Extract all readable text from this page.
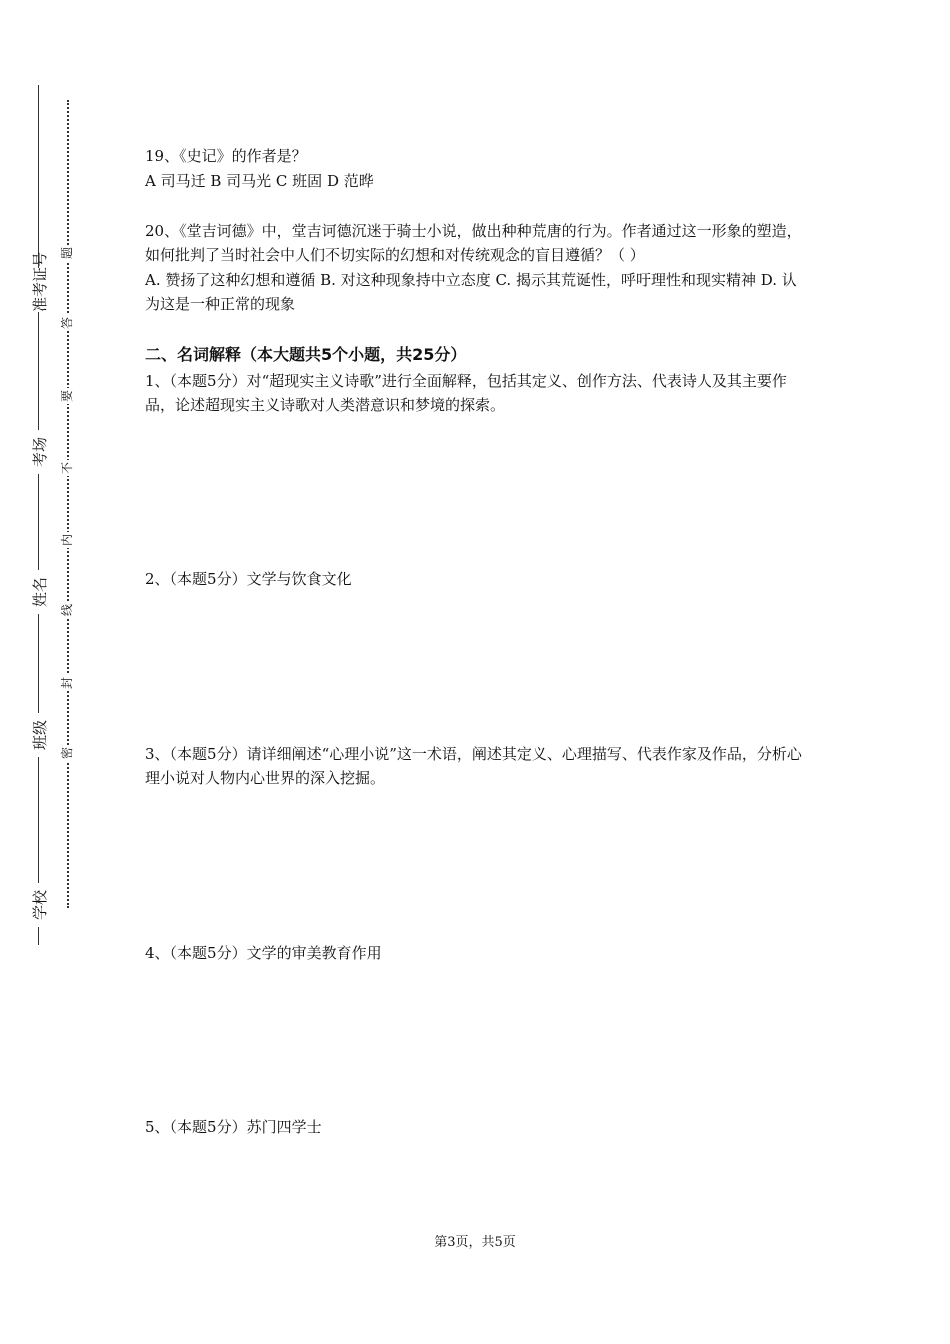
准考证号
考场
姓名
班级
学校
题
答
要
不
内
线
封
密

19、《史记》的作者是？

A 司马迁 B 司马光 C 班固 D 范晔

20、《堂吉诃德》中，堂吉诃德沉迷于骑士小说，做出种种荒唐的行为。作者通过这一形象的塑造，如何批判了当时社会中人们不切实际的幻想和对传统观念的盲目遵循？（ ）

A. 赞扬了这种幻想和遵循 B. 对这种现象持中立态度 C. 揭示其荒诞性，呼吁理性和现实精神 D. 认为这是一种正常的现象

二、名词解释（本大题共5个小题，共25分）

1、（本题5分）对“超现实主义诗歌”进行全面解释，包括其定义、创作方法、代表诗人及其主要作品，论述超现实主义诗歌对人类潜意识和梦境的探索。

2、（本题5分）文学与饮食文化

3、（本题5分）请详细阐述“心理小说”这一术语，阐述其定义、心理描写、代表作家及作品，分析心理小说对人物内心世界的深入挖掘。

4、（本题5分）文学的审美教育作用

5、（本题5分）苏门四学士

第3页，共5页
